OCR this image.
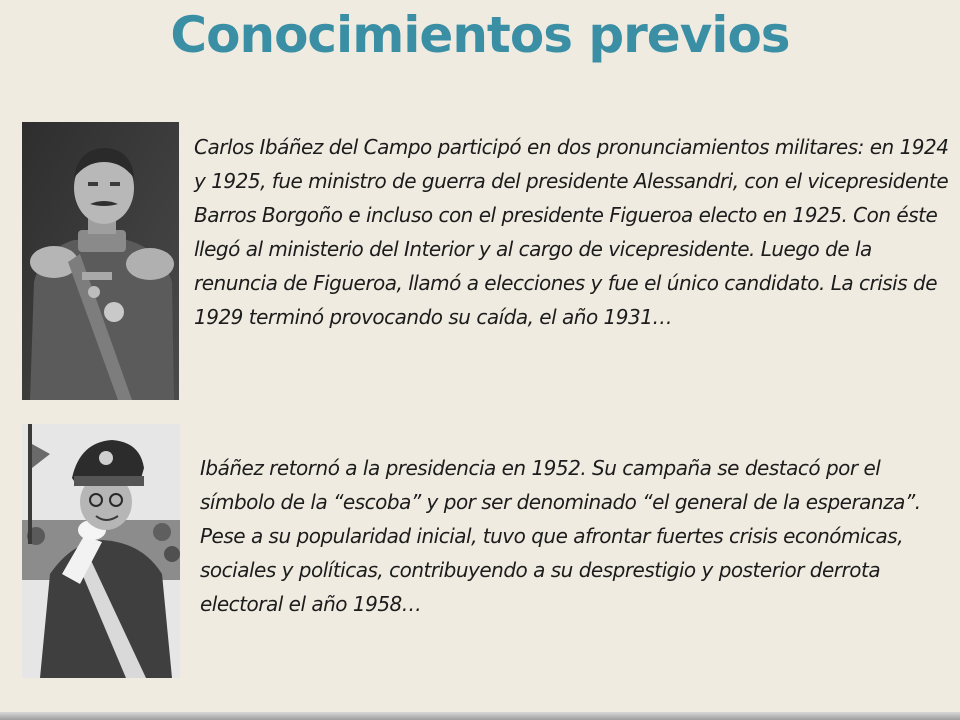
Conocimientos previos

Carlos Ibáñez del Campo participó en dos pronunciamientos militares: en 1924 y 1925, fue ministro de guerra del presidente Alessandri, con el vicepresidente Barros Borgoño e incluso con el presidente Figueroa electo en 1925. Con éste llegó al ministerio del Interior y al cargo de vicepresidente. Luego de la renuncia de Figueroa, llamó a elecciones y fue el único candidato. La crisis de 1929 terminó provocando su caída, el año 1931…

Ibáñez retornó a la presidencia en 1952. Su campaña se destacó por el símbolo de la “escoba” y por ser denominado “el general de la esperanza”. Pese a su popularidad inicial, tuvo que afrontar fuertes crisis económicas, sociales y políticas, contribuyendo a su desprestigio y posterior derrota electoral el año 1958…
